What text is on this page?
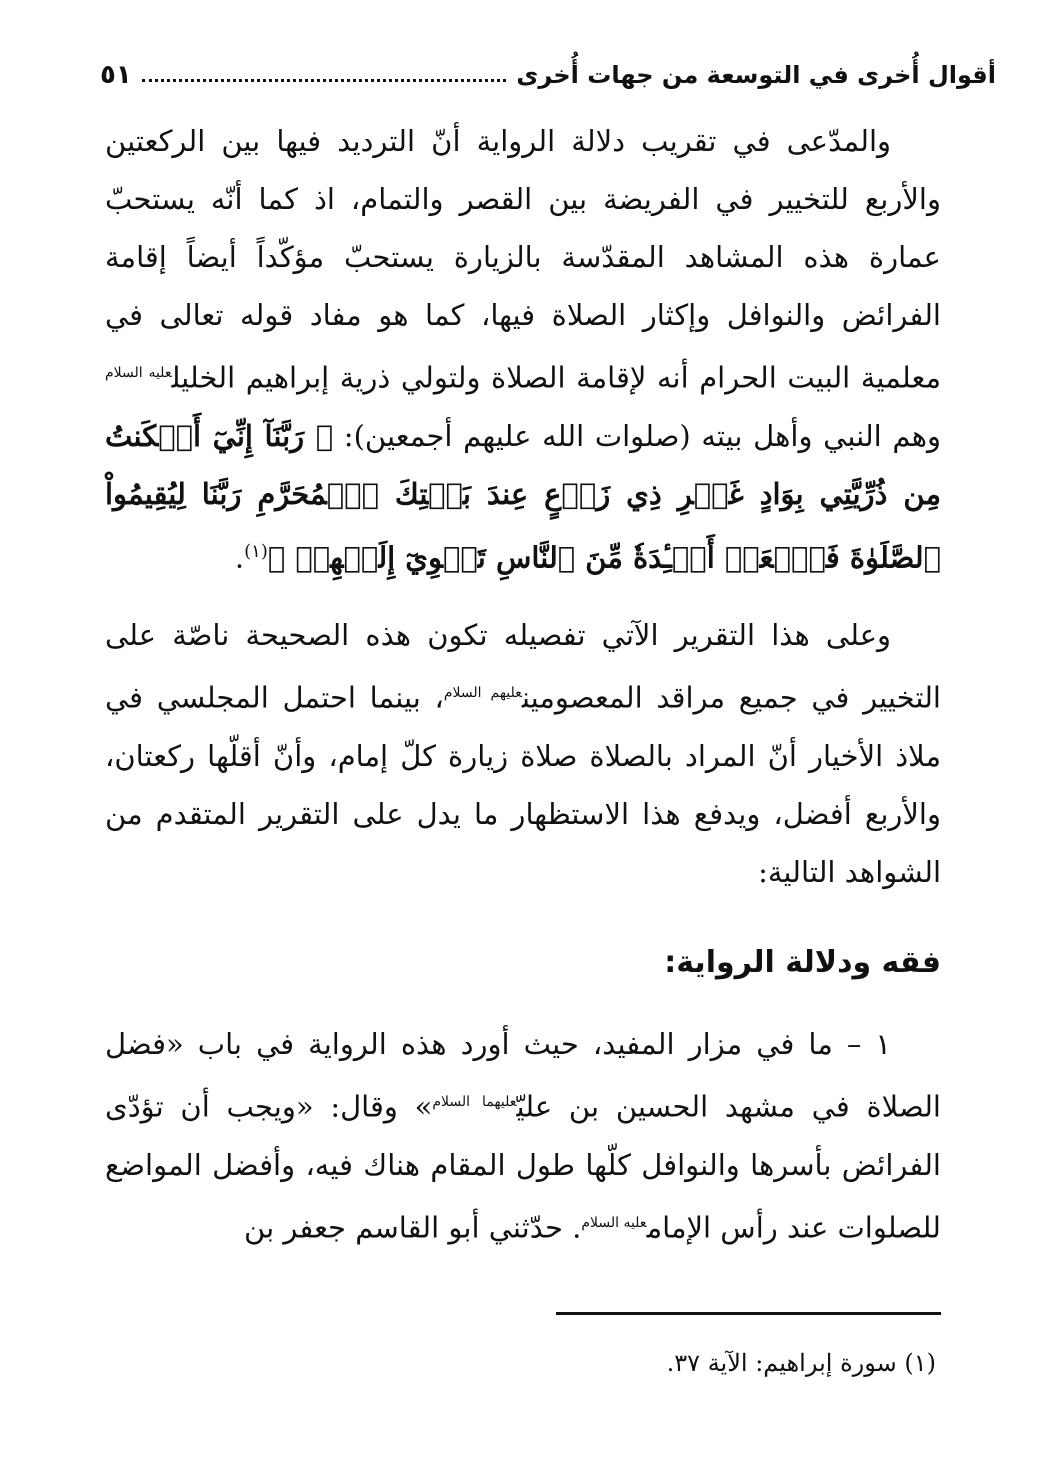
أقوال أُخرى في التوسعة من جهات أُخرى
٥١

والمدّعى في تقريب دلالة الرواية أنّ الترديد فيها بين الركعتين والأربع للتخيير في الفريضة بين القصر والتمام، اذ كما أنّه يستحبّ عمارة هذه المشاهد المقدّسة بالزيارة يستحبّ مؤكّداً أيضاً إقامة الفرائض والنوافل وإكثار الصلاة فيها، كما هو مفاد قوله تعالى في معلمية البيت الحرام أنه لإقامة الصلاة ولتولي ذرية إبراهيم الخليل$^{عليه السلام}$ وهم النبي وأهل بيته (صلوات الله عليهم أجمعين): ﴿ رَبَّنَآ إِنِّيٓ أَسۡكَنتُ مِن ذُرِّيَّتِي بِوَادٍ غَيۡرِ ذِي زَرۡعٍ عِندَ بَيۡتِكَ ٱلۡمُحَرَّمِ رَبَّنَا لِيُقِيمُواْ ٱلصَّلَوٰةَ فَٱجۡعَلۡ أَفۡـِٔدَةٗ مِّنَ ٱلنَّاسِ تَهۡوِيٓ إِلَيۡهِمۡ ﴾$^{(١)}$.

وعلى هذا التقرير الآتي تفصيله تكون هذه الصحيحة ناصّة على التخيير في جميع مراقد المعصومين$^{عليهم السلام}$، بينما احتمل المجلسي في ملاذ الأخيار أنّ المراد بالصلاة صلاة زيارة كلّ إمام، وأنّ أقلّها ركعتان، والأربع أفضل، ويدفع هذا الاستظهار ما يدل على التقرير المتقدم من الشواهد التالية:

فقه ودلالة الرواية:

١ – ما في مزار المفيد، حيث أورد هذه الرواية في باب «فضل الصلاة في مشهد الحسين بن عليّ$^{عليهما السلام}$» وقال: «ويجب أن تؤدّى الفرائض بأسرها والنوافل كلّها طول المقام هناك فيه، وأفضل المواضع للصلوات عند رأس الإمام$^{عليه السلام}$. حدّثني أبو القاسم جعفر بن

(١) سورة إبراهيم: الآية ٣٧.
